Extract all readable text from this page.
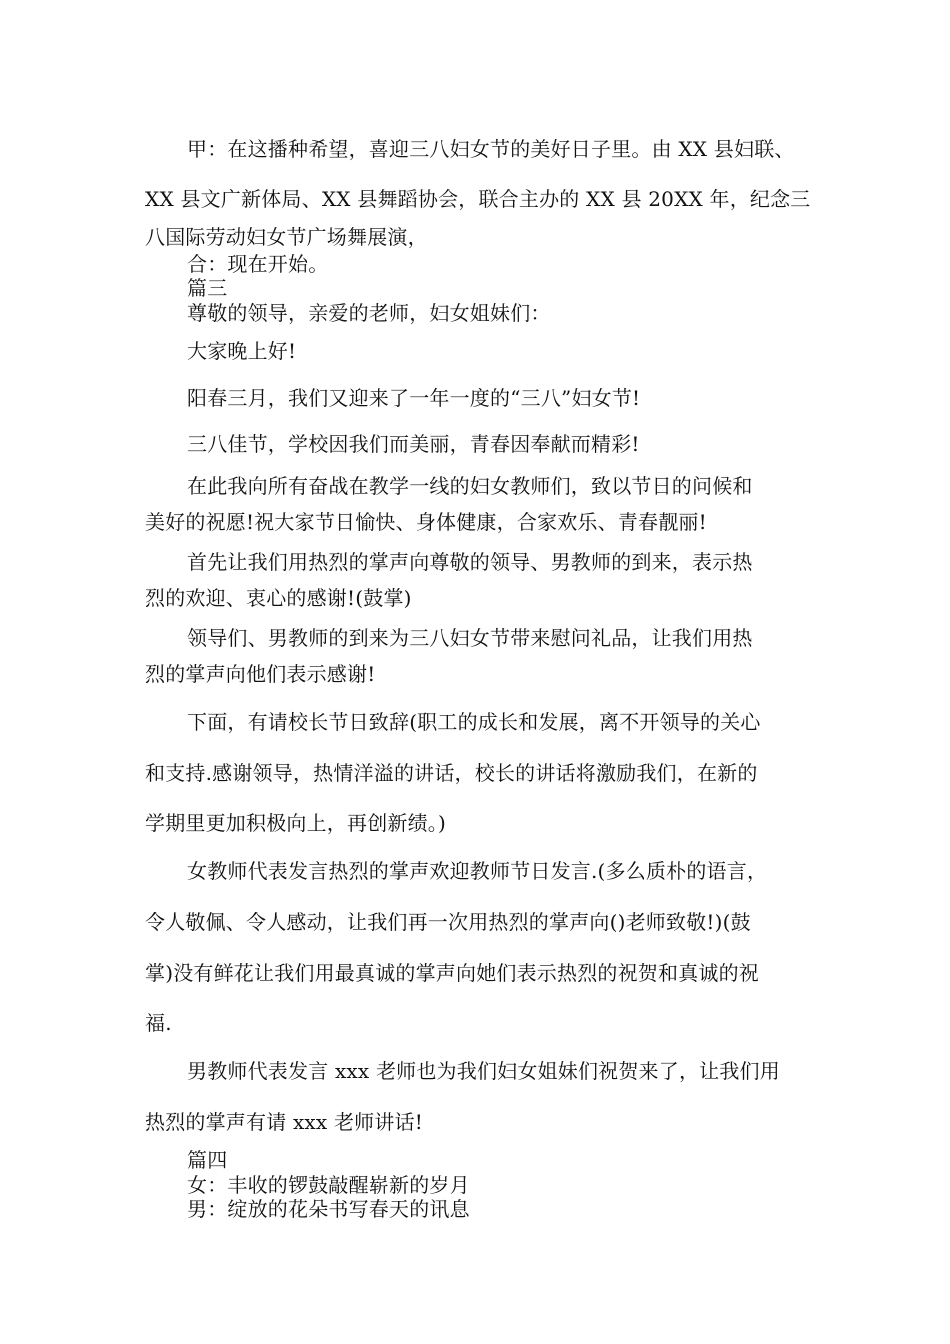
甲：在这播种希望，喜迎三八妇女节的美好日子里。由 XX 县妇联、
XX 县文广新体局、XX 县舞蹈协会，联合主办的 XX 县 20XX 年，纪念三
八国际劳动妇女节广场舞展演，
合：现在开始。
篇三
尊敬的领导，亲爱的老师，妇女姐妹们：
大家晚上好!
阳春三月，我们又迎来了一年一度的“三八”妇女节!
三八佳节，学校因我们而美丽，青春因奉献而精彩!
在此我向所有奋战在教学一线的妇女教师们，致以节日的问候和
美好的祝愿!祝大家节日愉快、身体健康，合家欢乐、青春靓丽!
首先让我们用热烈的掌声向尊敬的领导、男教师的到来，表示热
烈的欢迎、衷心的感谢!(鼓掌)
领导们、男教师的到来为三八妇女节带来慰问礼品，让我们用热
烈的掌声向他们表示感谢!
下面，有请校长节日致辞(职工的成长和发展，离不开领导的关心
和支持.感谢领导，热情洋溢的讲话，校长的讲话将激励我们，在新的
学期里更加积极向上，再创新绩。)
女教师代表发言热烈的掌声欢迎教师节日发言.(多么质朴的语言，
令人敬佩、令人感动，让我们再一次用热烈的掌声向()老师致敬!)(鼓
掌)没有鲜花让我们用最真诚的掌声向她们表示热烈的祝贺和真诚的祝
福.
男教师代表发言 xxx 老师也为我们妇女姐妹们祝贺来了，让我们用
热烈的掌声有请 xxx 老师讲话!
篇四
女：丰收的锣鼓敲醒崭新的岁月
男：绽放的花朵书写春天的讯息
